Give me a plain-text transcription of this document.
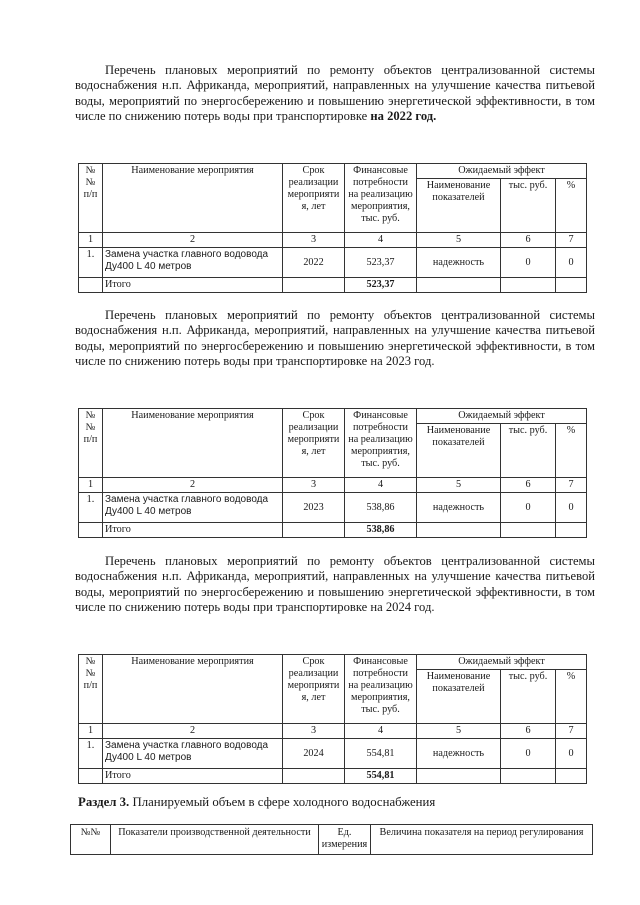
Перечень плановых мероприятий по ремонту объектов централизованной системы водоснабжения н.п. Африканда, мероприятий, направленных на улучшение качества питьевой воды, мероприятий по энергосбережению и повышению энергетической эффективности, в том числе по снижению потерь воды при транспортировке на 2022 год.

№№ п/п	Наименование мероприятия	Срок реализации мероприяти я, лет	Финансовые потребности на реализацию мероприятия, тыс. руб.	Ожидаемый эффект		
				Наименование показателей	тыс. руб.	%
1	2	3	4	5	6	7
1.	Замена участка главного водовода Ду400 L 40 метров	2022	523,37	надежность	0	0
	Итого		523,37			

Перечень плановых мероприятий по ремонту объектов централизованной системы водоснабжения н.п. Африканда, мероприятий, направленных на улучшение качества питьевой воды, мероприятий по энергосбережению и повышению энергетической эффективности, в том числе по снижению потерь воды при транспортировке на 2023 год.

№№ п/п	Наименование мероприятия	Срок реализации мероприяти я, лет	Финансовые потребности на реализацию мероприятия, тыс. руб.	Ожидаемый эффект		
				Наименование показателей	тыс. руб.	%
1	2	3	4	5	6	7
1.	Замена участка главного водовода Ду400 L 40 метров	2023	538,86	надежность	0	0
	Итого		538,86			

Перечень плановых мероприятий по ремонту объектов централизованной системы водоснабжения н.п. Африканда, мероприятий, направленных на улучшение качества питьевой воды, мероприятий по энергосбережению и повышению энергетической эффективности, в том числе по снижению потерь воды при транспортировке на 2024 год.

№№ п/п	Наименование мероприятия	Срок реализации мероприяти я, лет	Финансовые потребности на реализацию мероприятия, тыс. руб.	Ожидаемый эффект		
				Наименование показателей	тыс. руб.	%
1	2	3	4	5	6	7
1.	Замена участка главного водовода Ду400 L 40 метров	2024	554,81	надежность	0	0
	Итого		554,81			
Раздел 3. Планируемый объем в сфере холодного водоснабжения
№№	Показатели производственной деятельности	Ед. измерения	Величина показателя на период регулирования
